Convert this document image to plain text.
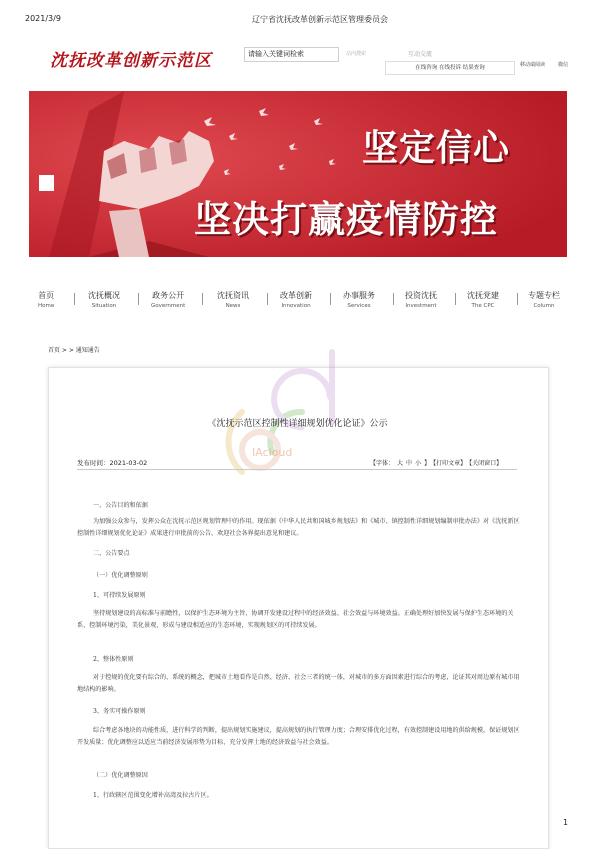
2021/3/9	辽宁省沈抚改革创新示范区管理委员会
沈抚改革创新示范区	请输入关键词检索	站内搜索	互动交流
在线咨询 在线投诉 结果查询	移动端阅读	微信
坚定信心
坚决打赢疫情防控
首页
Home
沈抚概况
Situation
政务公开
Government
沈抚资讯
News
改革创新
Innovation
办事服务
Services
投资沈抚
Investment
沈抚党建
The CPC
专题专栏
Column
首页 > > 通知通告
IAcloud
《沈抚示范区控制性详细规划优化论证》公示
发布时间：2021-03-02	【字体： 大 中 小 】 【打印文章】 【关闭窗口】

一、公告目的和依据

为加强公众参与，发挥公众在沈抚示范区规划管理中的作用。现依据《中华人民共和国城乡规划法》和《城市、镇控制性详细规划编制审批办法》对《沈抚新区控制性详细规划优化论证》成果进行审批前的公告，欢迎社会各界提出意见和建议。

二、公告要点

（一）优化调整原则

1、可持续发展原则

坚持规划建设的高标准与前瞻性，以保护生态环境为主旨，协调开发建设过程中的经济效益、社会效益与环境效益。正确处理好加快发展与保护生态环境的关系，控制环境污染，美化景观，形成与建设相适应的生态环境，实现规划区的可持续发展。

2、整体性原则

对于控规的优化要有综合的、系统的概念，把城市土地看作是自然、经济、社会三者的统一体，对城市的多方面因素进行综合的考虑，论证其对周边原有城市用地结构的影响。

3、务实可操作原则

综合考虑各地块的功能性质，进行科学的判断，提出规划实施建议，提高规划的执行管理力度；合理安排优化过程，有效控制建设用地的供给规模，保证规划区开发质量；优化调整应以适应当前经济发展形势为目标，充分发挥土地的经济效益与社会效益。

（二）优化调整原因

1、行政辖区范围变化增补高湾及拉古片区。

1
